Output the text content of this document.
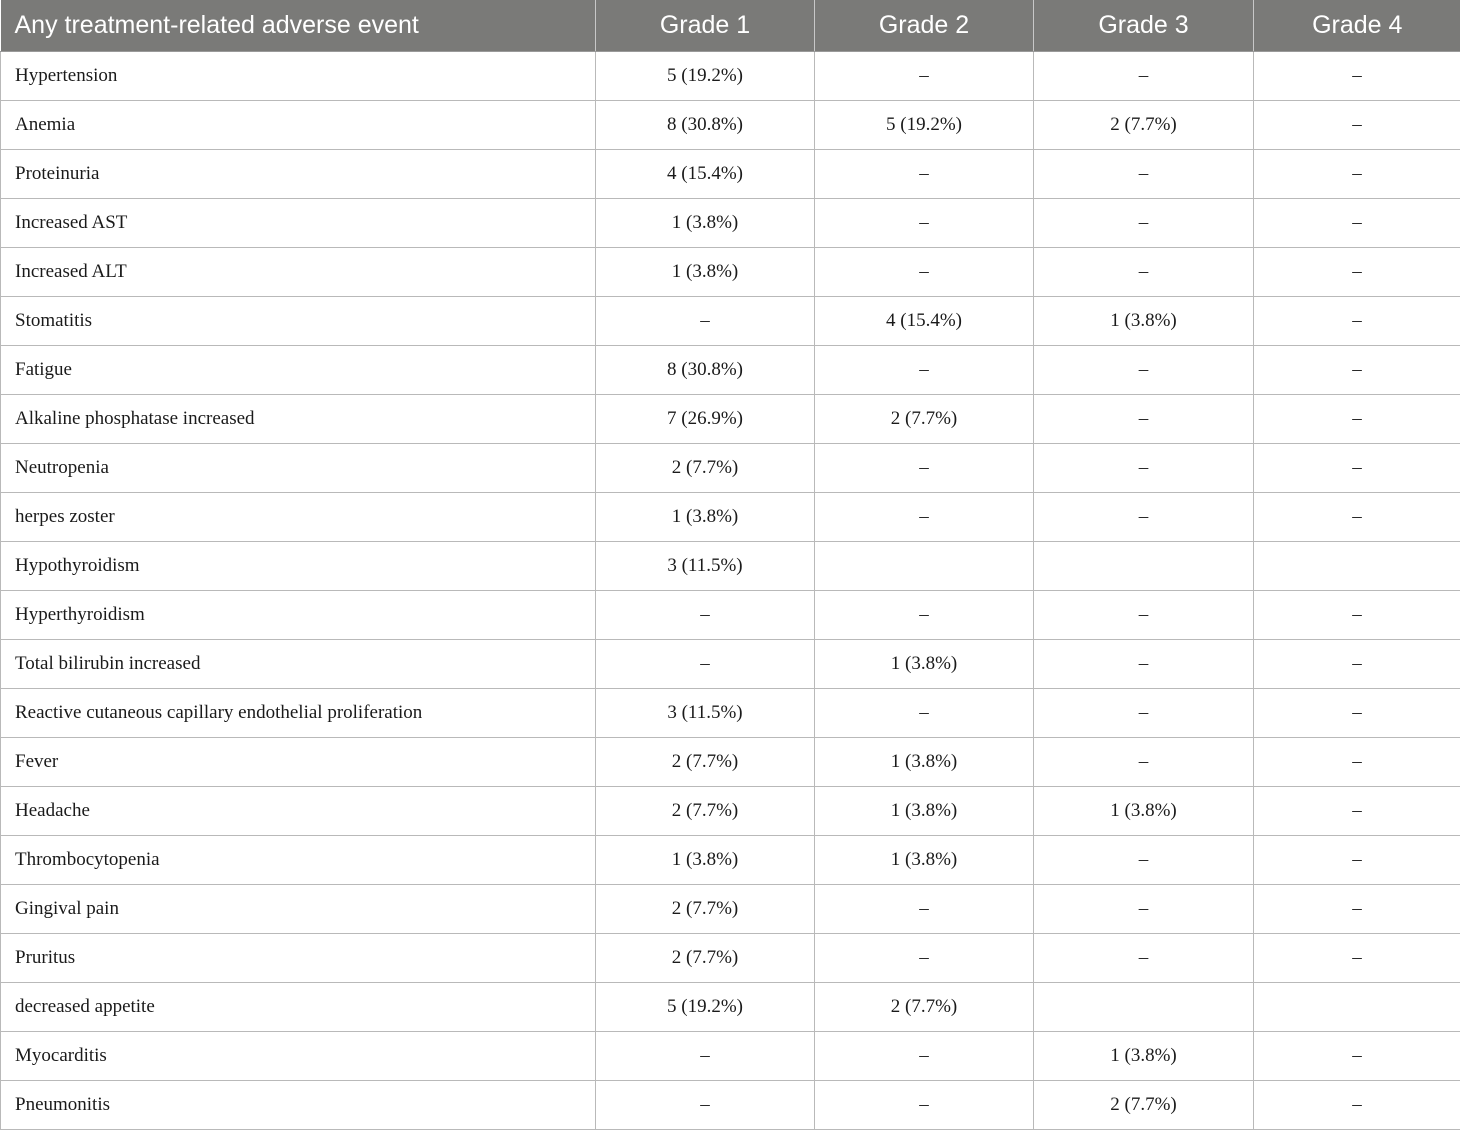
Any treatment-related adverse event	Grade 1	Grade 2	Grade 3	Grade 4
Hypertension	5 (19.2%)	–	–	–
Anemia	8 (30.8%)	5 (19.2%)	2 (7.7%)	–
Proteinuria	4 (15.4%)	–	–	–
Increased AST	1 (3.8%)	–	–	–
Increased ALT	1 (3.8%)	–	–	–
Stomatitis	–	4 (15.4%)	1 (3.8%)	–
Fatigue	8 (30.8%)	–	–	–
Alkaline phosphatase increased	7 (26.9%)	2 (7.7%)	–	–
Neutropenia	2 (7.7%)	–	–	–
herpes zoster	1 (3.8%)	–	–	–
Hypothyroidism	3 (11.5%)			
Hyperthyroidism	–	–	–	–
Total bilirubin increased	–	1 (3.8%)	–	–
Reactive cutaneous capillary endothelial proliferation	3 (11.5%)	–	–	–
Fever	2 (7.7%)	1 (3.8%)	–	–
Headache	2 (7.7%)	1 (3.8%)	1 (3.8%)	–
Thrombocytopenia	1 (3.8%)	1 (3.8%)	–	–
Gingival pain	2 (7.7%)	–	–	–
Pruritus	2 (7.7%)	–	–	–
decreased appetite	5 (19.2%)	2 (7.7%)		
Myocarditis	–	–	1 (3.8%)	–
Pneumonitis	–	–	2 (7.7%)	–
